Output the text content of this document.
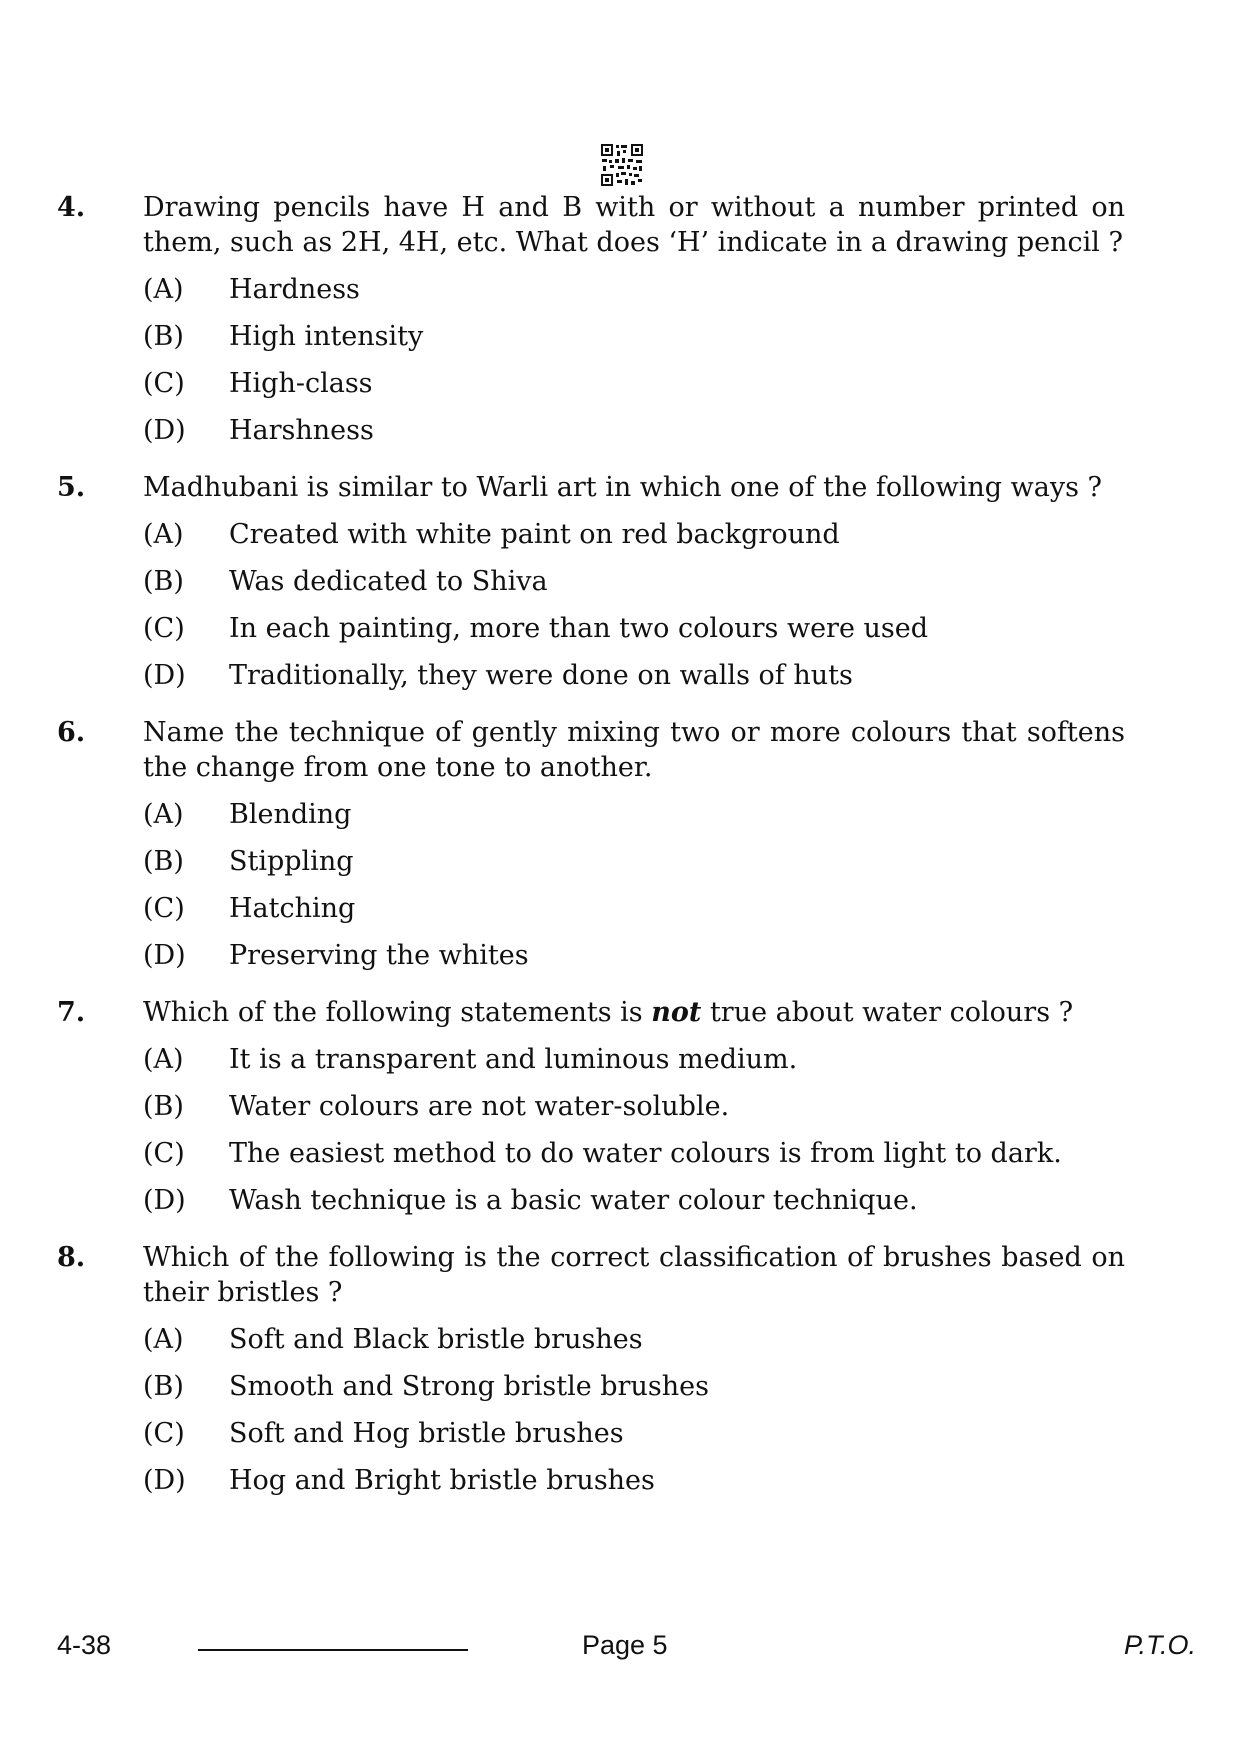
4. Drawing pencils have H and B with or without a number printed on them, such as 2H, 4H, etc. What does ‘H’ indicate in a drawing pencil ?
(A)	Hardness
(B)	High intensity
(C)	High-class
(D)	Harshness
5. Madhubani is similar to Warli art in which one of the following ways ?
(A)	Created with white paint on red background
(B)	Was dedicated to Shiva
(C)	In each painting, more than two colours were used
(D)	Traditionally, they were done on walls of huts
6. Name the technique of gently mixing two or more colours that softens the change from one tone to another.
(A)	Blending
(B)	Stippling
(C)	Hatching
(D)	Preserving the whites
7. Which of the following statements is not true about water colours ?
(A)	It is a transparent and luminous medium.
(B)	Water colours are not water-soluble.
(C)	The easiest method to do water colours is from light to dark.
(D)	Wash technique is a basic water colour technique.
8. Which of the following is the correct classification of brushes based on their bristles ?
(A)	Soft and Black bristle brushes
(B)	Smooth and Strong bristle brushes
(C)	Soft and Hog bristle brushes
(D)	Hog and Bright bristle brushes
4-38	Page 5	P.T.O.
